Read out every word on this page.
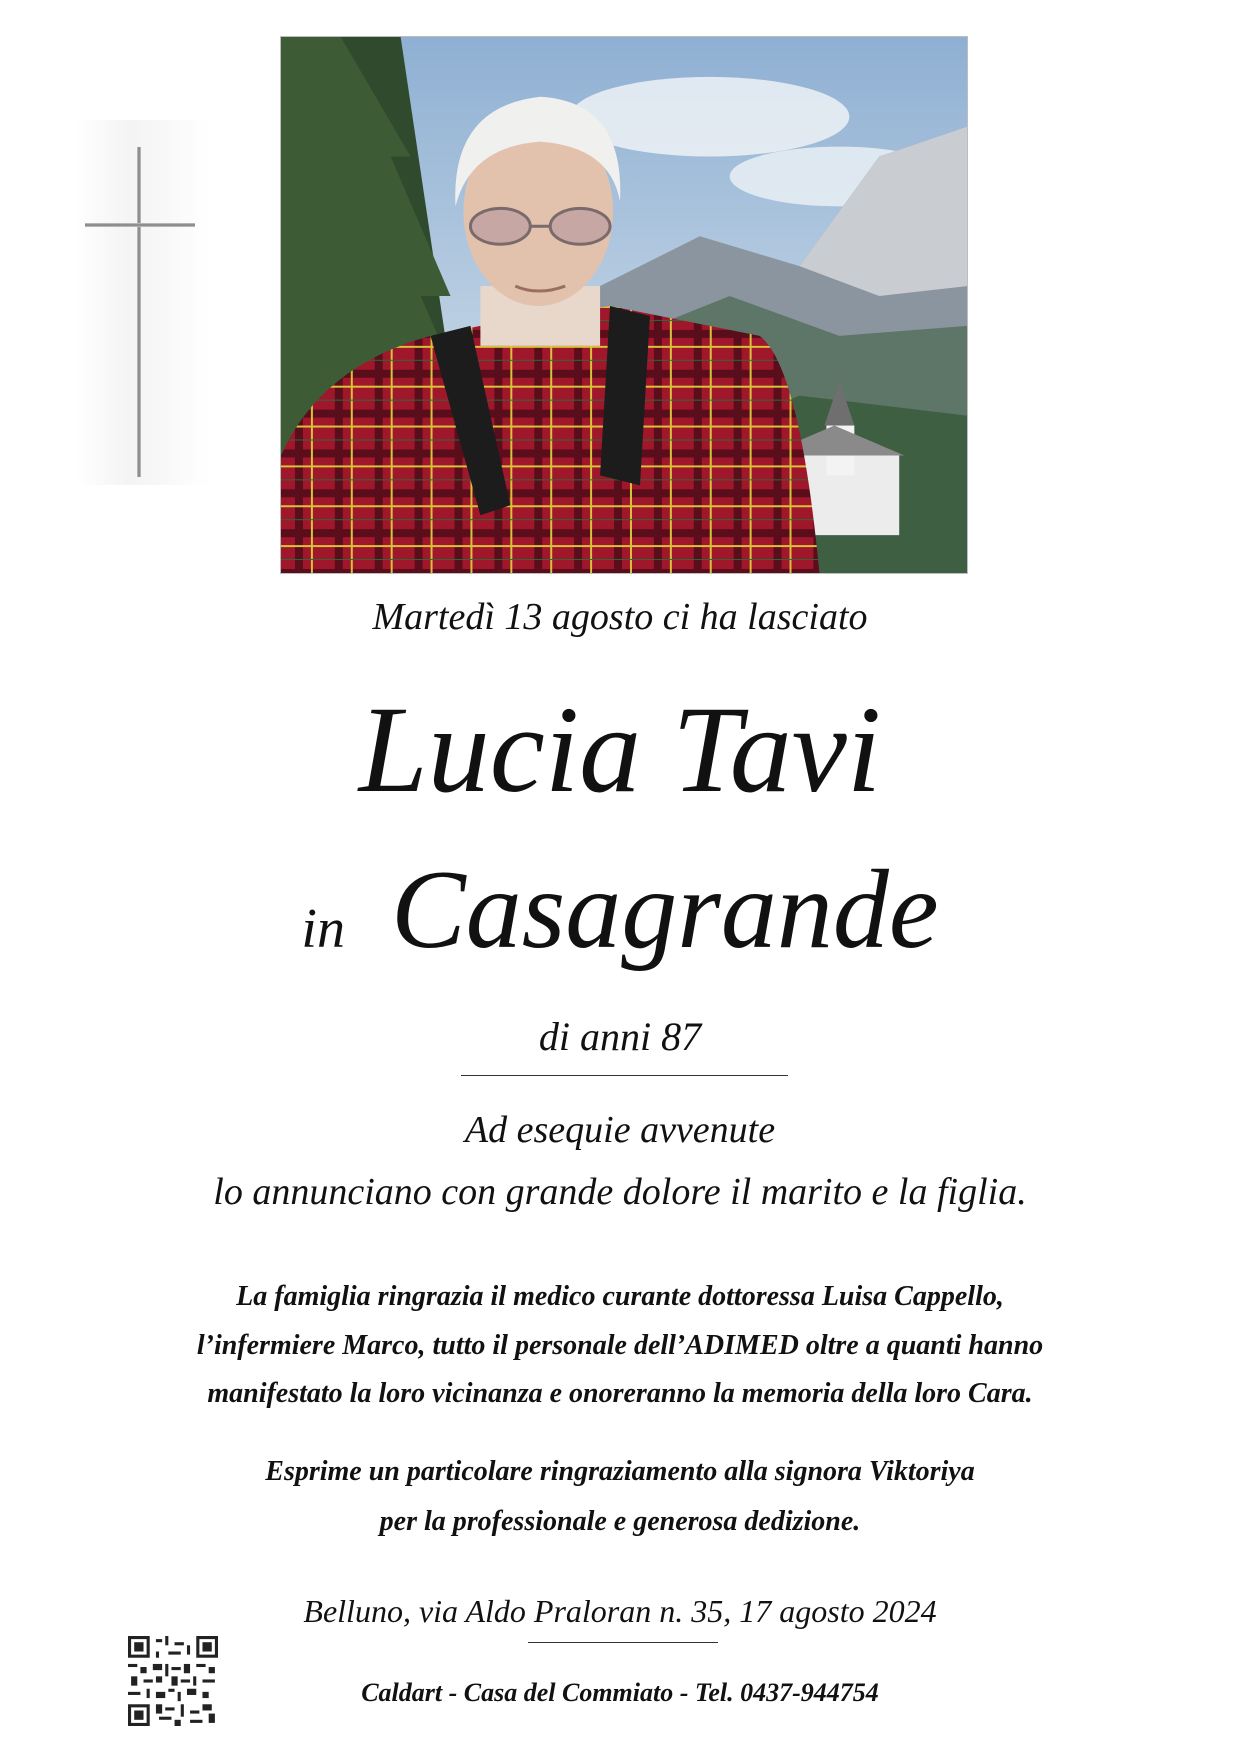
Martedì 13 agosto ci ha lasciato
Lucia Tavi
in Casagrande
di anni 87
Ad esequie avvenute
lo annunciano con grande dolore il marito e la figlia.
La famiglia ringrazia il medico curante dottoressa Luisa Cappello,
l’infermiere Marco, tutto il personale dell’ADIMED oltre a quanti hanno
manifestato la loro vicinanza e onoreranno la memoria della loro Cara.
Esprime un particolare ringraziamento alla signora Viktoriya
per la professionale e generosa dedizione.
Belluno, via Aldo Praloran n. 35, 17 agosto 2024
Caldart - Casa del Commiato - Tel. 0437-944754
